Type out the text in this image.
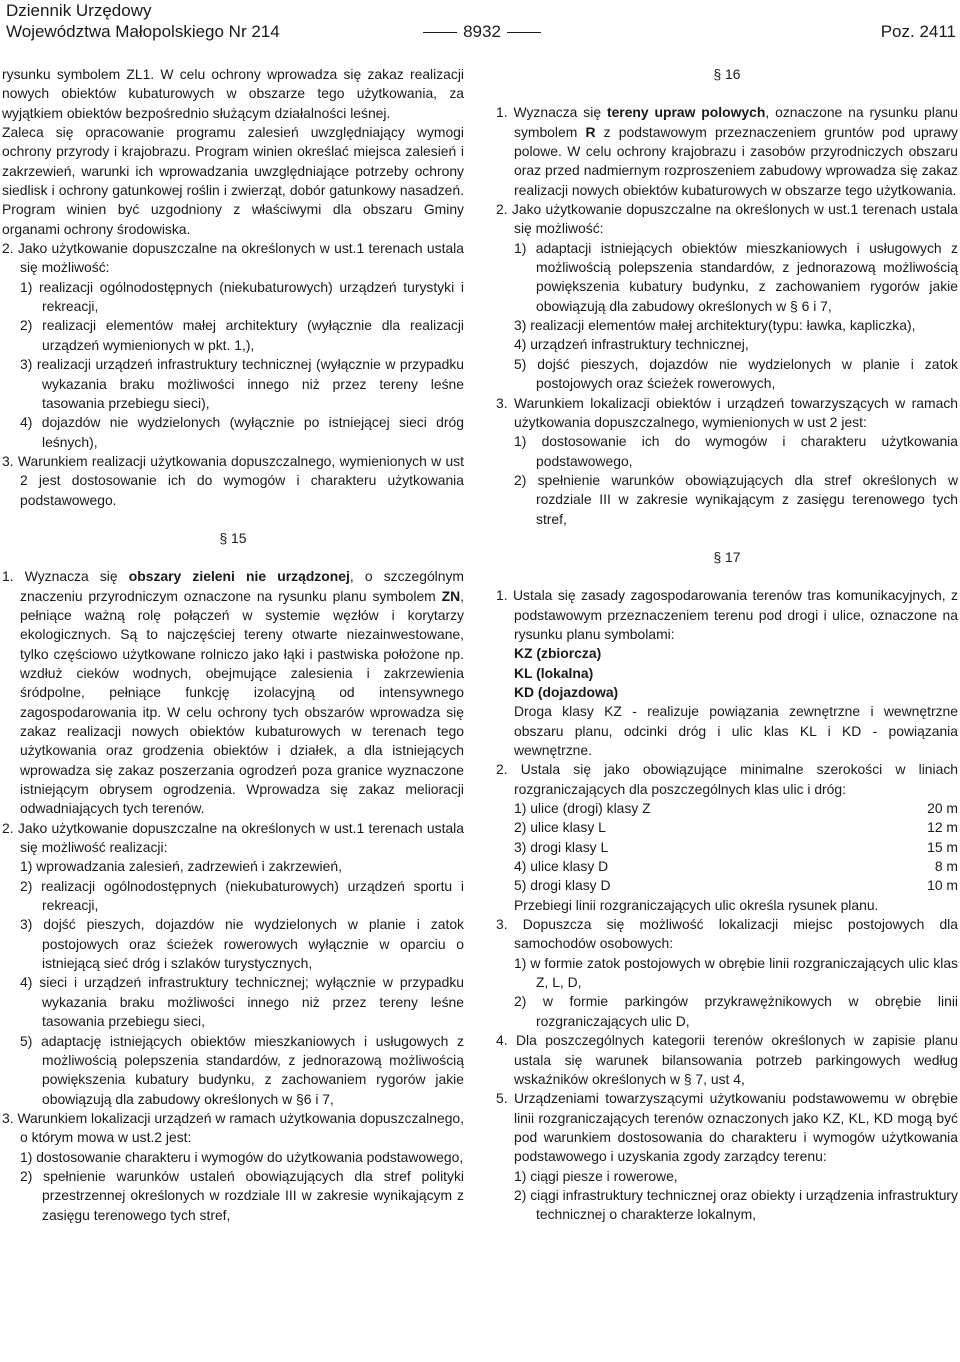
Dziennik Urzędowy
Województwa Małopolskiego Nr 214	8932	Poz. 2411

rysunku symbolem ZL1. W celu ochrony wprowadza się zakaz realizacji nowych obiektów kubaturowych w obszarze tego użytkowania, za wyjątkiem obiektów bezpośrednio służącym działalności leśnej.

Zaleca się opracowanie programu zalesień uwzględniający wymogi ochrony przyrody i krajobrazu. Program winien określać miejsca zalesień i zakrzewień, warunki ich wprowadzania uwzględniające potrzeby ochrony siedlisk i ochrony gatunkowej roślin i zwierząt, dobór gatunkowy nasadzeń. Program winien być uzgodniony z właściwymi dla obszaru Gminy organami ochrony środowiska.

2. Jako użytkowanie dopuszczalne na określonych w ust.1 terenach ustala się możliwość:

1) realizacji ogólnodostępnych (niekubaturowych) urządzeń turystyki i rekreacji,

2) realizacji elementów małej architektury (wyłącznie dla realizacji urządzeń wymienionych w pkt. 1,),

3) realizacji urządzeń infrastruktury technicznej (wyłącznie w przypadku wykazania braku możliwości innego niż przez tereny leśne tasowania przebiegu sieci),

4) dojazdów nie wydzielonych (wyłącznie po istniejącej sieci dróg leśnych),

3. Warunkiem realizacji użytkowania dopuszczalnego, wymienionych w ust 2 jest dostosowanie ich do wymogów i charakteru użytkowania podstawowego.

§ 15

1. Wyznacza się obszary zieleni nie urządzonej, o szczególnym znaczeniu przyrodniczym oznaczone na rysunku planu symbolem ZN, pełniące ważną rolę połączeń w systemie węzłów i korytarzy ekologicznych. Są to najczęściej tereny otwarte niezainwestowane, tylko częściowo użytkowane rolniczo jako łąki i pastwiska położone np. wzdłuż cieków wodnych, obejmujące zalesienia i zakrzewienia śródpolne, pełniące funkcję izolacyjną od intensywnego zagospodarowania itp. W celu ochrony tych obszarów wprowadza się zakaz realizacji nowych obiektów kubaturowych w terenach tego użytkowania oraz grodzenia obiektów i działek, a dla istniejących wprowadza się zakaz poszerzania ogrodzeń poza granice wyznaczone istniejącym obrysem ogrodzenia. Wprowadza się zakaz melioracji odwadniających tych terenów.

2. Jako użytkowanie dopuszczalne na określonych w ust.1 terenach ustala się możliwość realizacji:

1) wprowadzania zalesień, zadrzewień i zakrzewień,

2) realizacji ogólnodostępnych (niekubaturowych) urządzeń sportu i rekreacji,

3) dojść pieszych, dojazdów nie wydzielonych w planie i zatok postojowych oraz ścieżek rowerowych wyłącznie w oparciu o istniejącą sieć dróg i szlaków turystycznych,

4) sieci i urządzeń infrastruktury technicznej; wyłącznie w przypadku wykazania braku możliwości innego niż przez tereny leśne tasowania przebiegu sieci,

5) adaptację istniejących obiektów mieszkaniowych i usługowych z możliwością polepszenia standardów, z jednorazową możliwością powiększenia kubatury budynku, z zachowaniem rygorów jakie obowiązują dla zabudowy określonych w §6 i 7,

3. Warunkiem lokalizacji urządzeń w ramach użytkowania dopuszczalnego, o którym mowa w ust.2 jest:

1) dostosowanie charakteru i wymogów do użytkowania podstawowego,

2) spełnienie warunków ustaleń obowiązujących dla stref polityki przestrzennej określonych w rozdziale III w zakresie wynikającym z zasięgu terenowego tych stref,

§ 16

1. Wyznacza się tereny upraw polowych, oznaczone na rysunku planu symbolem R z podstawowym przeznaczeniem gruntów pod uprawy polowe. W celu ochrony krajobrazu i zasobów przyrodniczych obszaru oraz przed nadmiernym rozproszeniem zabudowy wprowadza się zakaz realizacji nowych obiektów kubaturowych w obszarze tego użytkowania.

2. Jako użytkowanie dopuszczalne na określonych w ust.1 terenach ustala się możliwość:

1) adaptacji istniejących obiektów mieszkaniowych i usługowych z możliwością polepszenia standardów, z jednorazową możliwością powiększenia kubatury budynku, z zachowaniem rygorów jakie obowiązują dla zabudowy określonych w § 6 i 7,

3) realizacji elementów małej architektury(typu: ławka, kapliczka),

4) urządzeń infrastruktury technicznej,

5) dojść pieszych, dojazdów nie wydzielonych w planie i zatok postojowych oraz ścieżek rowerowych,

3. Warunkiem lokalizacji obiektów i urządzeń towarzyszących w ramach użytkowania dopuszczalnego, wymienionych w ust 2 jest:

1) dostosowanie ich do wymogów i charakteru użytkowania podstawowego,

2) spełnienie warunków obowiązujących dla stref określonych w rozdziale III w zakresie wynikającym z zasięgu terenowego tych stref,

§ 17

1. Ustala się zasady zagospodarowania terenów tras komunikacyjnych, z podstawowym przeznaczeniem terenu pod drogi i ulice, oznaczone na rysunku planu symbolami:

KZ (zbiorcza)

KL (lokalna)

KD (dojazdowa)

Droga klasy KZ - realizuje powiązania zewnętrzne i wewnętrzne obszaru planu, odcinki dróg i ulic klas KL i KD - powiązania wewnętrzne.

2. Ustala się jako obowiązujące minimalne szerokości w liniach rozgraniczających dla poszczególnych klas ulic i dróg:

1) ulice (drogi) klasy Z	20 m
2) ulice klasy L	12 m
3) drogi klasy L	15 m
4) ulice klasy D	8 m
5) drogi klasy D	10 m

Przebiegi linii rozgraniczających ulic określa rysunek planu.

3. Dopuszcza się możliwość lokalizacji miejsc postojowych dla samochodów osobowych:

1) w formie zatok postojowych w obrębie linii rozgraniczających ulic klas Z, L, D,

2) w formie parkingów przykrawężnikowych w obrębie linii rozgraniczających ulic D,

4. Dla poszczególnych kategorii terenów określonych w zapisie planu ustala się warunek bilansowania potrzeb parkingowych według wskaźników określonych w § 7, ust 4,

5. Urządzeniami towarzyszącymi użytkowaniu podstawowemu w obrębie linii rozgraniczających terenów oznaczonych jako KZ, KL, KD mogą być pod warunkiem dostosowania do charakteru i wymogów użytkowania podstawowego i uzyskania zgody zarządcy terenu:

1) ciągi piesze i rowerowe,

2) ciągi infrastruktury technicznej oraz obiekty i urządzenia infrastruktury technicznej o charakterze lokalnym,
